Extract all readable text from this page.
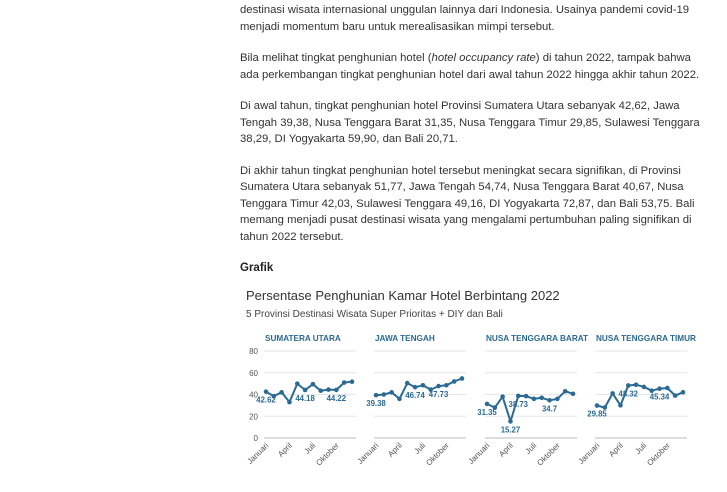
destinasi wisata internasional unggulan lainnya dari Indonesia. Usainya pandemi covid-19 menjadi momentum baru untuk merealisasikan mimpi tersebut.

Bila melihat tingkat penghunian hotel (hotel occupancy rate) di tahun 2022, tampak bahwa ada perkembangan tingkat penghunian hotel dari awal tahun 2022 hingga akhir tahun 2022.

Di awal tahun, tingkat penghunian hotel Provinsi Sumatera Utara sebanyak 42,62, Jawa Tengah 39,38, Nusa Tenggara Barat 31,35, Nusa Tenggara Timur 29,85, Sulawesi Tenggara 38,29, DI Yogyakarta 59,90, dan Bali 20,71.

Di akhir tahun tingkat penghunian hotel tersebut meningkat secara signifikan, di Provinsi Sumatera Utara sebanyak 51,77, Jawa Tengah 54,74, Nusa Tenggara Barat 40,67, Nusa Tenggara Timur 42,03, Sulawesi Tenggara 49,16, DI Yogyakarta 72,87, dan Bali 53,75. Bali memang menjadi pusat destinasi wisata yang mengalami pertumbuhan paling signifikan di tahun 2022 tersebut.

Grafik
Persentase Penghunian Kamar Hotel Berbintang 2022
5 Provinsi Destinasi Wisata Super Prioritas + DIY dan Bali
0
20
40
60
80
SUMATERA UTARA
42.62	44.18 44.22
Januari April Juli
Oktober
JAWA TENGAH
39.38
46.74 47.73
Januari April Juli
Oktober
NUSA TENGGARA BARAT
31.35
15.27
38.73 34.7
Januari April Juli
Oktober
NUSA TENGGARA TIMUR
29.85
48.32 45.34
Januari April Juli
Oktober
